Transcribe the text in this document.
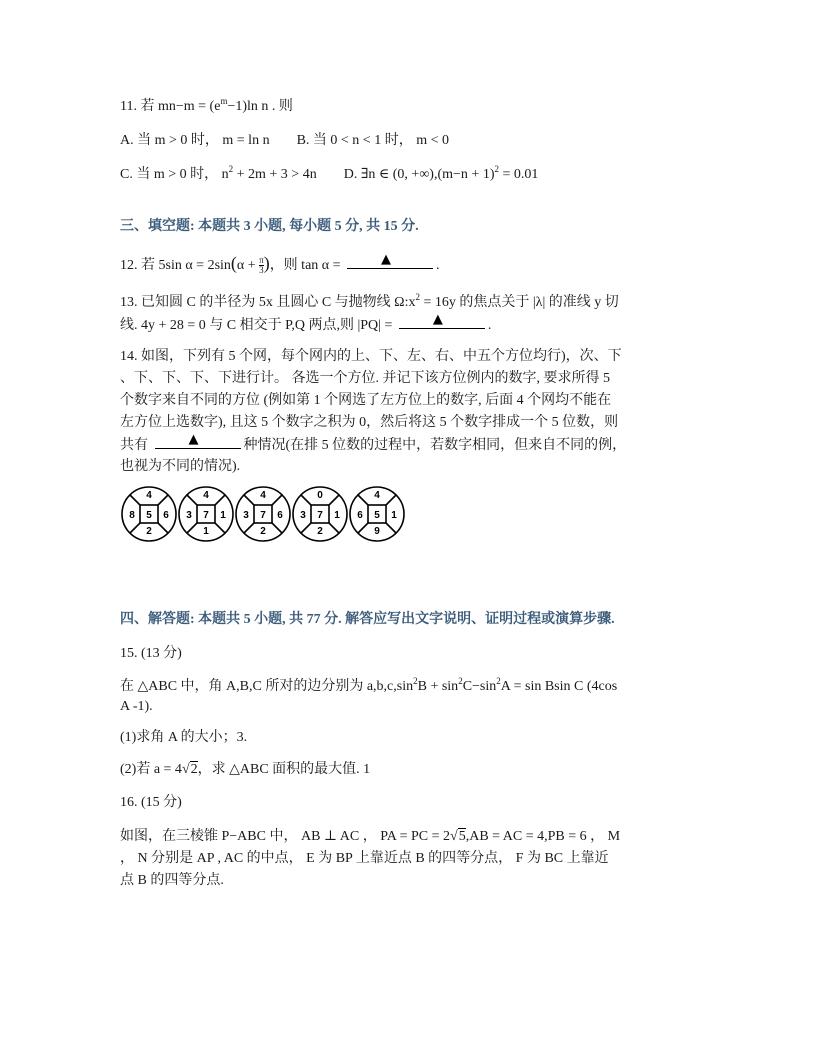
11. 若 $mn-m = (e^m-1)\ln$ n . 则
A. 当 m > 0 时， m = ln n B. 当 0 < n < 1 时， m < 0
C. 当 m > 0 时， $n^2 + 2m + 3 > 4n$ D. ∃n ∈ (0, $+\infty),(m-n + 1)^2 = 0.01$
三、填空题: 本题共 3 小题, 每小题 5 分, 共 15 分.
12. 若 5sin $\alpha = 2\sin(\alpha + \frac{\pi}{3}$ )，则 tan α =	▲	.
13. 已知圆 C 的半径为 5x 且圆心 C 与抛物线 $\Omega:x^2 = 16y$ 的焦点关于 |λ| 的准线 y 切
线. 4y + 28 = 0 与 C 相交于 P,Q 两点,则 |PQ| =	▲	.
14. 如图，下列有 5 个网，每个网内的上、下、左、右、中五个方位均行)，次、下
、下、下、下、下进行计。 各选一个方位. 并记下该方位例内的数字, 要求所得 5
个数字来自不同的方位 (例如第 1 个网选了左方位上的数字, 后面 4 个网均不能在
左方位上选数字), 且这 5 个数字之积为 0，然后将这 5 个数字排成一个 5 位数，则
共有	▲	种情况(在排 5 位数的过程中，若数字相同，但来自不同的例，
也视为不同的情况).
4
2
8	6
5
4
1
3	1
7
4
2
3	6
7
0
2
3	1
7
4
9
6	1
5
四、解答题: 本题共 5 小题, 共 77 分. 解答应写出文字说明、证明过程或演算步骤.
15. (13 分)
在 △ABC 中，角 A,B,C 所对的边分别为 $a,b,c,\sin^2B + \sin^2C-\sin^2A = \sin Bsin$ C (4cos
A -1).
(1)求角 A 的大小；3.
(2)若 a = 4√2，求 △ABC 面积的最大值. 1
16. (15 分)
如图，在三棱锥 P−ABC 中， AB ⊥ AC ， PA = PC = 2√5,AB = AC = 4,PB = 6 ， M
， N 分别是 AP , AC 的中点， E 为 BP 上靠近点 B 的四等分点， F 为 BC 上靠近
点 B 的四等分点.
